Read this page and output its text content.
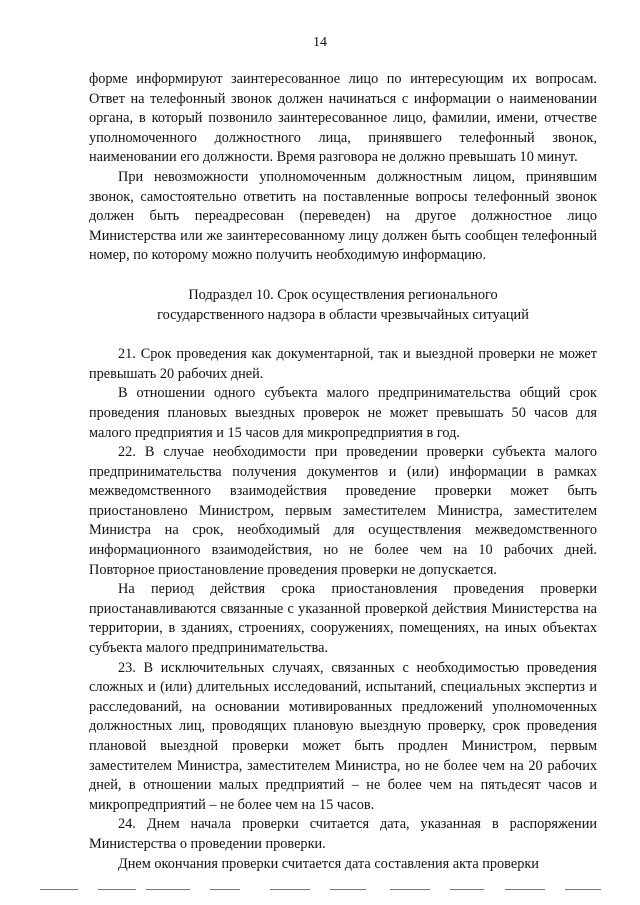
14

форме информируют заинтересованное лицо по интересующим их вопросам. Ответ на телефонный звонок должен начинаться с информации о наименовании органа, в который позвонило заинтересованное лицо, фамилии, имени, отчестве уполномоченного должностного лица, принявшего телефонный звонок, наименовании его должности. Время разговора не должно превышать 10 минут.

При невозможности уполномоченным должностным лицом, принявшим звонок, самостоятельно ответить на поставленные вопросы телефонный звонок должен быть переадресован (переведен) на другое должностное лицо Министерства или же заинтересованному лицу должен быть сообщен телефонный номер, по которому можно получить необходимую информацию.

Подраздел 10. Срок осуществления регионального
государственного надзора в области чрезвычайных ситуаций

21. Срок проведения как документарной, так и выездной проверки не может превышать 20 рабочих дней.

В отношении одного субъекта малого предпринимательства общий срок проведения плановых выездных проверок не может превышать 50 часов для малого предприятия и 15 часов для микропредприятия в год.

22. В случае необходимости при проведении проверки субъекта малого предпринимательства получения документов и (или) информации в рамках межведомственного взаимодействия проведение проверки может быть приостановлено Министром, первым заместителем Министра, заместителем Министра на срок, необходимый для осуществления межведомственного информационного взаимодействия, но не более чем на 10 рабочих дней. Повторное приостановление проведения проверки не допускается.

На период действия срока приостановления проведения проверки приостанавливаются связанные с указанной проверкой действия Министерства на территории, в зданиях, строениях, сооружениях, помещениях, на иных объектах субъекта малого предпринимательства.

23. В исключительных случаях, связанных с необходимостью проведения сложных и (или) длительных исследований, испытаний, специальных экспертиз и расследований, на основании мотивированных предложений уполномоченных должностных лиц, проводящих плановую выездную проверку, срок проведения плановой выездной проверки может быть продлен Министром, первым заместителем Министра, заместителем Министра, но не более чем на 20 рабочих дней, в отношении малых предприятий – не более чем на пятьдесят часов и микропредприятий – не более чем на 15 часов.

24. Днем начала проверки считается дата, указанная в распоряжении Министерства о проведении проверки.

Днем окончания проверки считается дата составления акта проверки
